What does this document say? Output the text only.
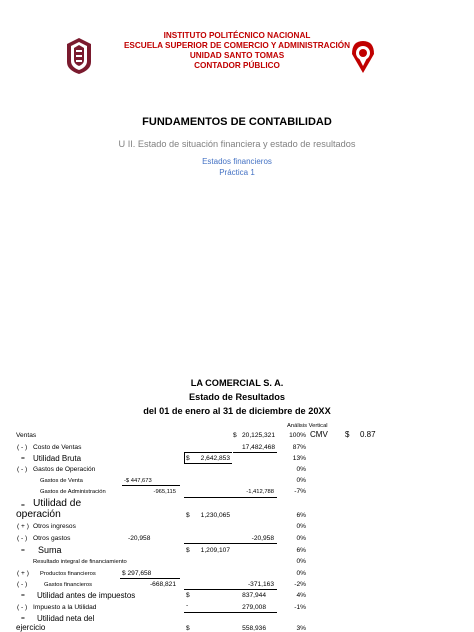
INSTITUTO POLITÉCNICO NACIONAL
ESCUELA SUPERIOR DE COMERCIO Y ADMINISTRACIÓN
UNIDAD SANTO TOMAS
CONTADOR PÚBLICO
FUNDAMENTOS DE CONTABILIDAD
U II. Estado de situación financiera y estado de resultados
Estados financieros
Práctica 1
LA COMERCIAL S. A.
Estado de Resultados
del 01 de enero al 31 de diciembre de 20XX
Análisis Vertical
Ventas	$ 20,125,321	100% CMV $ 0.87
( - ) Costo de Ventas	17,482,468	87%
= Utilidad Bruta	$	2,642,853	13%
( - ) Gastos de Operación	0%
Gastos de Venta	-$ 447,673	0%
Gastos de Administración	-965,115	-1,412,788	-7%
= Utilidad de
operación	$	1,230,065	6%
( + ) Otros ingresos	0%
( - ) Otros gastos	-20,958	-20,958	0%
= Suma	$	1,209,107	6%
Resultado integral de financiamiento	0%
( + ) Productos financieros	$ 297,658	0%
( - )	Gastos financieros	-668,821	-371,163	-2%
= Utilidad antes de impuestos	$	837,944	4%
( - ) Impuesto a la Utilidad	-	279,008	-1%
= Utilidad neta del
ejercicio	$	558,936	3%
